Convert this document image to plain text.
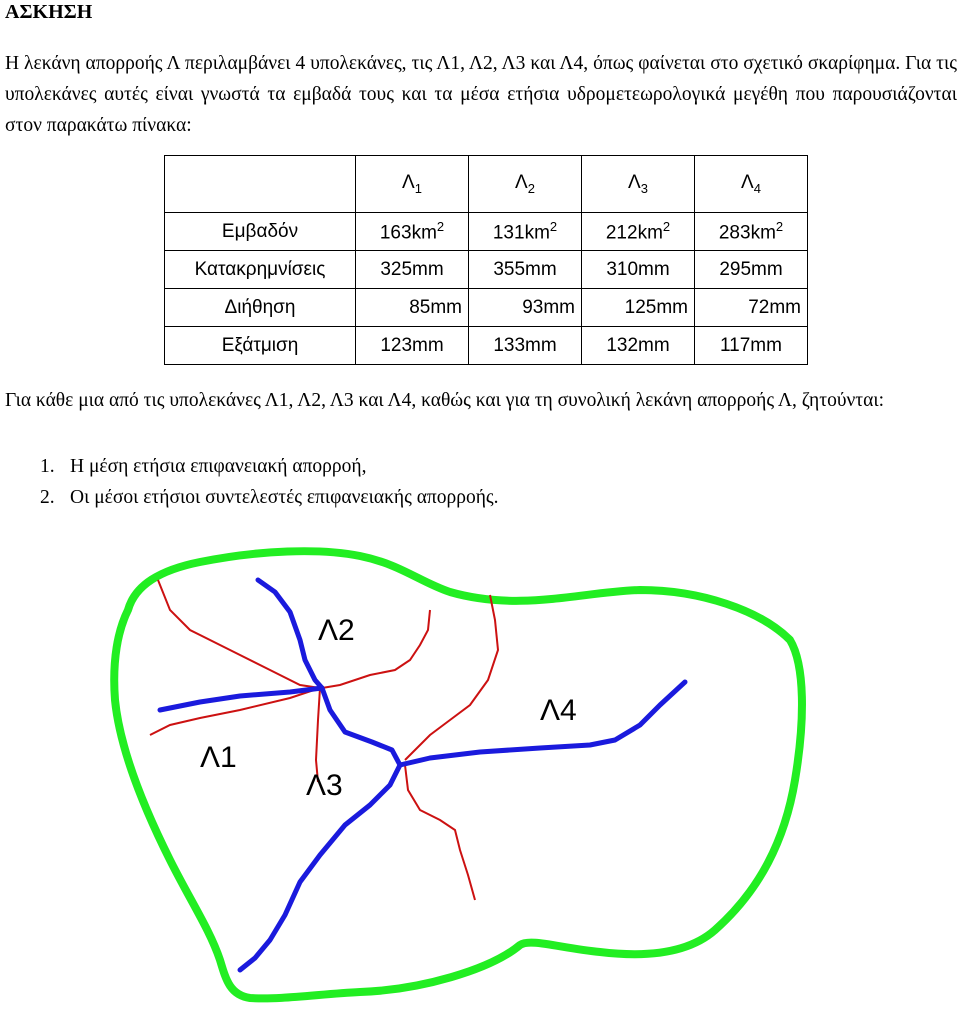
ΑΣΚΗΣΗ

Η λεκάνη απορροής Λ περιλαμβάνει 4 υπολεκάνες, τις Λ1, Λ2, Λ3 και Λ4, όπως φαίνεται στο σχετικό σκαρίφημα. Για τις υπολεκάνες αυτές είναι γνωστά τα εμβαδά τους και τα μέσα ετήσια υδρομετεωρολογικά μεγέθη που παρουσιάζονται στον παρακάτω πίνακα:

	$\Lambda_1$	$\Lambda_2$	$\Lambda_3$	$\Lambda_4$
Εμβαδόν	$163km^2$	$131km^2$	$212km^2$	$283km^2$
Κατακρημνίσεις	325mm	355mm	310mm	295mm
Διήθηση	85mm	93mm	125mm	72mm
Εξάτμιση	123mm	133mm	132mm	117mm

Για κάθε μια από τις υπολεκάνες Λ1, Λ2, Λ3 και Λ4, καθώς και για τη συνολική λεκάνη απορροής Λ, ζητούνται:

1. Η μέση ετήσια επιφανειακή απορροή,
2. Οι μέσοι ετήσιοι συντελεστές επιφανειακής απορροής.
Λ2
Λ4
Λ1
Λ3
